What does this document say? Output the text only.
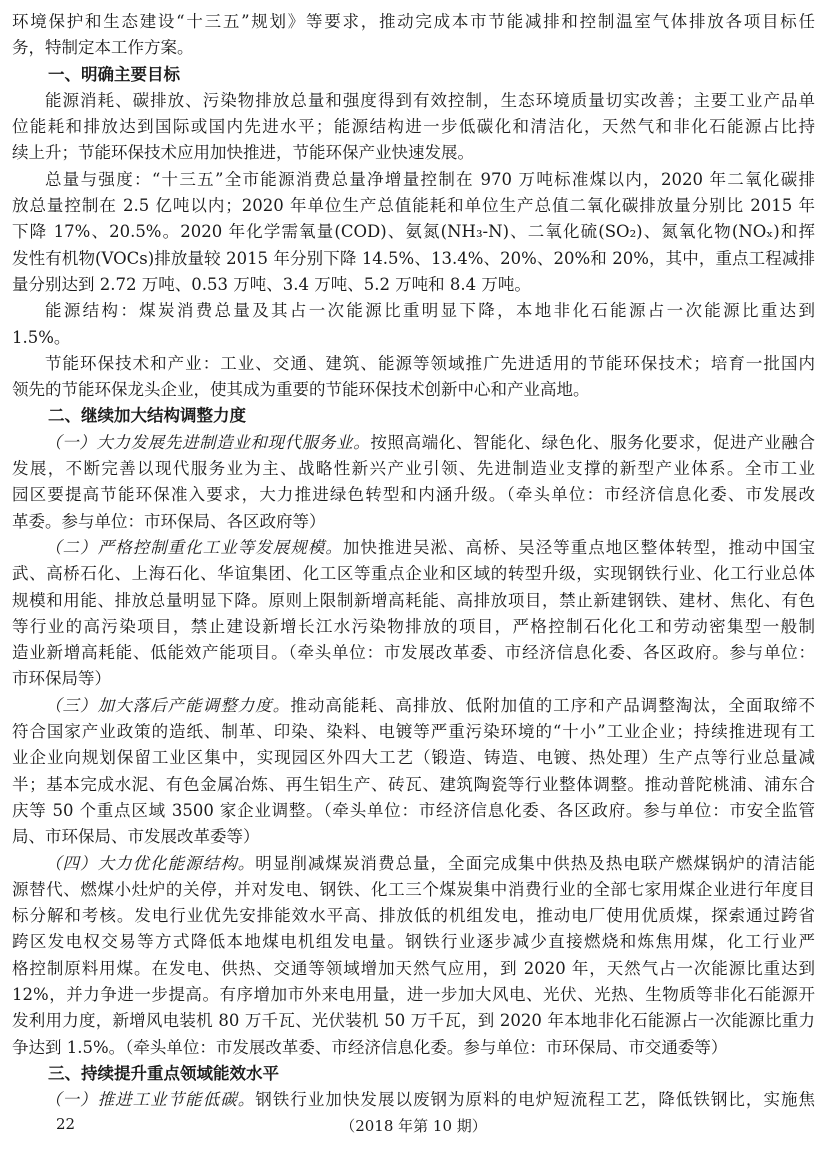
环境保护和生态建设“十三五”规划》等要求，推动完成本市节能减排和控制温室气体排放各项目标任
务，特制定本工作方案。
一、明确主要目标
能源消耗、碳排放、污染物排放总量和强度得到有效控制，生态环境质量切实改善；主要工业产品单
位能耗和排放达到国际或国内先进水平；能源结构进一步低碳化和清洁化，天然气和非化石能源占比持
续上升；节能环保技术应用加快推进，节能环保产业快速发展。
总量与强度：“十三五”全市能源消费总量净增量控制在 970 万吨标准煤以内，2020 年二氧化碳排
放总量控制在 2.5 亿吨以内；2020 年单位生产总值能耗和单位生产总值二氧化碳排放量分别比 2015 年
下降 17%、20.5%。2020 年化学需氧量(COD)、氨氮(NH₃-N)、二氧化硫(SO₂)、氮氧化物(NOₓ)和挥
发性有机物(VOCs)排放量较 2015 年分别下降 14.5%、13.4%、20%、20%和 20%，其中，重点工程减排
量分别达到 2.72 万吨、0.53 万吨、3.4 万吨、5.2 万吨和 8.4 万吨。
能源结构：煤炭消费总量及其占一次能源比重明显下降，本地非化石能源占一次能源比重达到
1.5%。
节能环保技术和产业：工业、交通、建筑、能源等领域推广先进适用的节能环保技术；培育一批国内
领先的节能环保龙头企业，使其成为重要的节能环保技术创新中心和产业高地。
二、继续加大结构调整力度
（一）大力发展先进制造业和现代服务业。按照高端化、智能化、绿色化、服务化要求，促进产业融合
发展，不断完善以现代服务业为主、战略性新兴产业引领、先进制造业支撑的新型产业体系。全市工业
园区要提高节能环保准入要求，大力推进绿色转型和内涵升级。（牵头单位：市经济信息化委、市发展改
革委。参与单位：市环保局、各区政府等）
（二）严格控制重化工业等发展规模。加快推进吴淞、高桥、吴泾等重点地区整体转型，推动中国宝
武、高桥石化、上海石化、华谊集团、化工区等重点企业和区域的转型升级，实现钢铁行业、化工行业总体
规模和用能、排放总量明显下降。原则上限制新增高耗能、高排放项目，禁止新建钢铁、建材、焦化、有色
等行业的高污染项目，禁止建设新增长江水污染物排放的项目，严格控制石化化工和劳动密集型一般制
造业新增高耗能、低能效产能项目。（牵头单位：市发展改革委、市经济信息化委、各区政府。参与单位：
市环保局等）
（三）加大落后产能调整力度。推动高能耗、高排放、低附加值的工序和产品调整淘汰，全面取缔不
符合国家产业政策的造纸、制革、印染、染料、电镀等严重污染环境的“十小”工业企业；持续推进现有工
业企业向规划保留工业区集中，实现园区外四大工艺（锻造、铸造、电镀、热处理）生产点等行业总量减
半；基本完成水泥、有色金属冶炼、再生铝生产、砖瓦、建筑陶瓷等行业整体调整。推动普陀桃浦、浦东合
庆等 50 个重点区域 3500 家企业调整。（牵头单位：市经济信息化委、各区政府。参与单位：市安全监管
局、市环保局、市发展改革委等）
（四）大力优化能源结构。明显削减煤炭消费总量，全面完成集中供热及热电联产燃煤锅炉的清洁能
源替代、燃煤小灶炉的关停，并对发电、钢铁、化工三个煤炭集中消费行业的全部七家用煤企业进行年度目
标分解和考核。发电行业优先安排能效水平高、排放低的机组发电，推动电厂使用优质煤，探索通过跨省
跨区发电权交易等方式降低本地煤电机组发电量。钢铁行业逐步减少直接燃烧和炼焦用煤，化工行业严
格控制原料用煤。在发电、供热、交通等领域增加天然气应用，到 2020 年，天然气占一次能源比重达到
12%，并力争进一步提高。有序增加市外来电用量，进一步加大风电、光伏、光热、生物质等非化石能源开
发利用力度，新增风电装机 80 万千瓦、光伏装机 50 万千瓦，到 2020 年本地非化石能源占一次能源比重力
争达到 1.5%。（牵头单位：市发展改革委、市经济信息化委。参与单位：市环保局、市交通委等）
三、持续提升重点领域能效水平
（一）推进工业节能低碳。钢铁行业加快发展以废钢为原料的电炉短流程工艺，降低铁钢比，实施焦
22	（2018 年第 10 期）
